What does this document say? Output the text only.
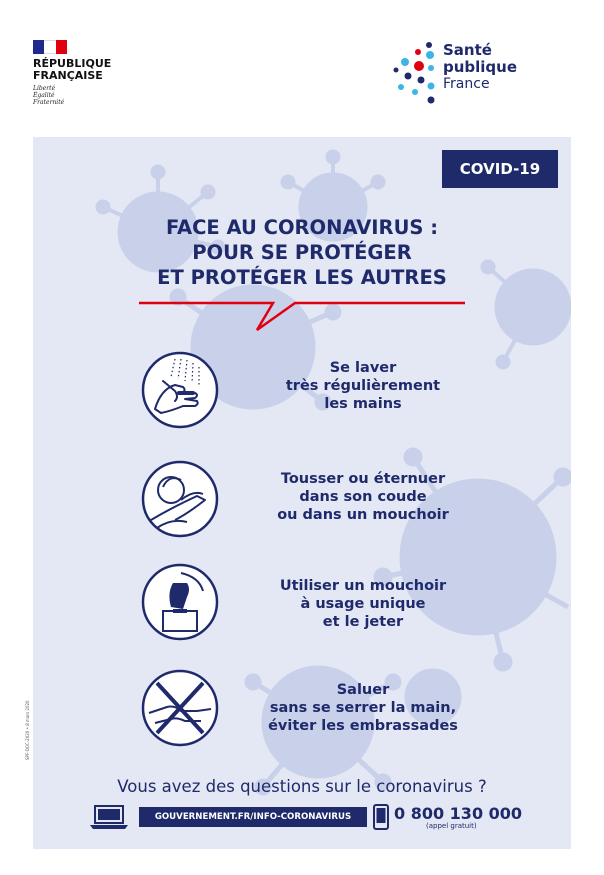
RÉPUBLIQUE
FRANÇAISE
Liberté
Égalité
Fraternité
Santé
publique
France
COVID-19
FACE AU CORONAVIRUS :
POUR SE PROTÉGER
ET PROTÉGER LES AUTRES
Se laver
très régulièrement
les mains
Tousser ou éternuer
dans son coude
ou dans un mouchoir
Utiliser un mouchoir
à usage unique
et le jeter
Saluer
sans se serrer la main,
éviter les embrassades
Vous avez des questions sur le coronavirus ?
GOUVERNEMENT.FR/INFO-CORONAVIRUS	0 800 130 000
(appel gratuit)
SPF-DOC-2020 • 8 mars 2020
